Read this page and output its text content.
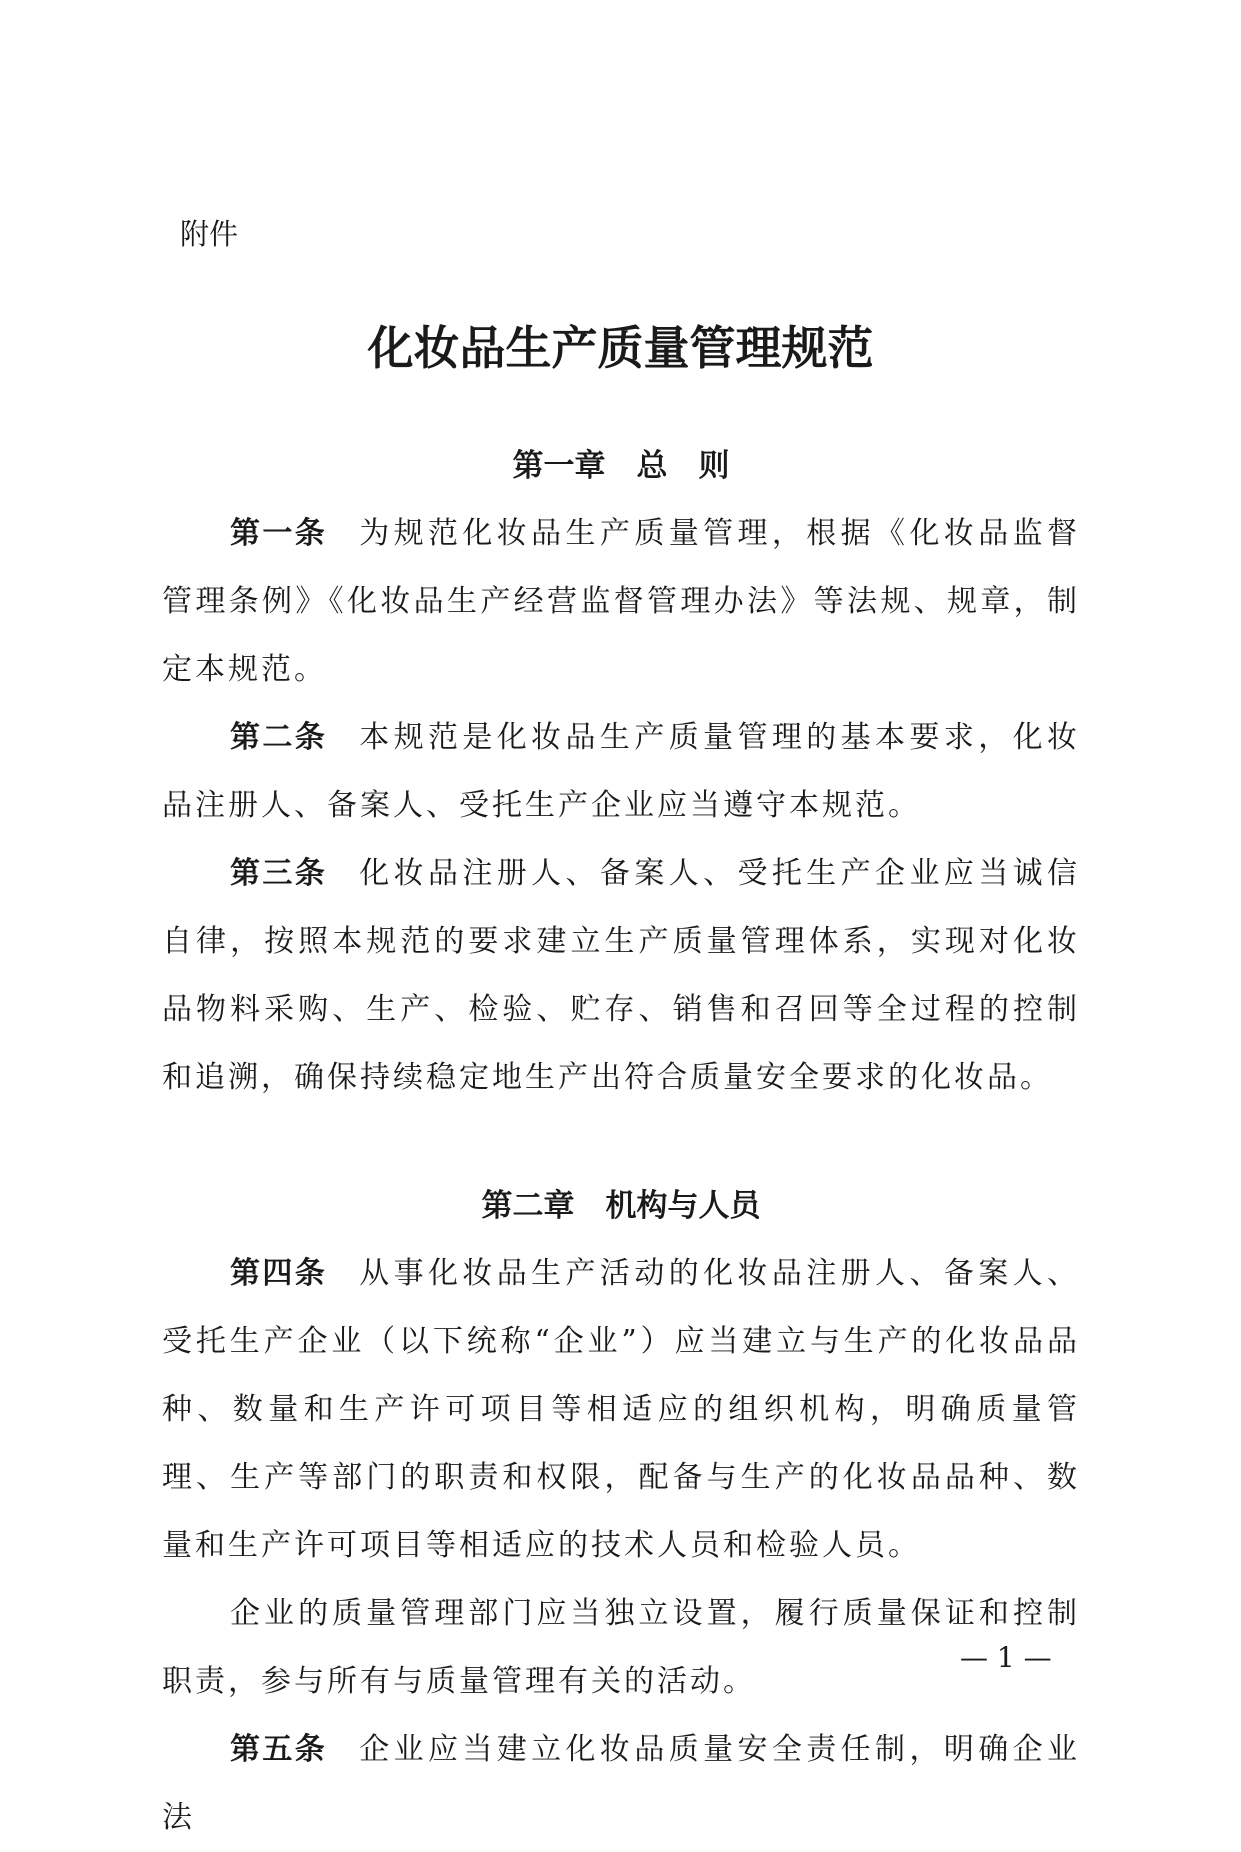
附件

化妆品生产质量管理规范
第一章　总　则

第一条 为规范化妆品生产质量管理，根据《化妆品监督管理条例》《化妆品生产经营监督管理办法》等法规、规章，制定本规范。

第二条 本规范是化妆品生产质量管理的基本要求，化妆品注册人、备案人、受托生产企业应当遵守本规范。

第三条 化妆品注册人、备案人、受托生产企业应当诚信自律，按照本规范的要求建立生产质量管理体系，实现对化妆品物料采购、生产、检验、贮存、销售和召回等全过程的控制和追溯，确保持续稳定地生产出符合质量安全要求的化妆品。

第二章　机构与人员

第四条 从事化妆品生产活动的化妆品注册人、备案人、受托生产企业（以下统称“企业”）应当建立与生产的化妆品品种、数量和生产许可项目等相适应的组织机构，明确质量管理、生产等部门的职责和权限，配备与生产的化妆品品种、数量和生产许可项目等相适应的技术人员和检验人员。

企业的质量管理部门应当独立设置，履行质量保证和控制职责，参与所有与质量管理有关的活动。

第五条 企业应当建立化妆品质量安全责任制，明确企业法

— 1 —
